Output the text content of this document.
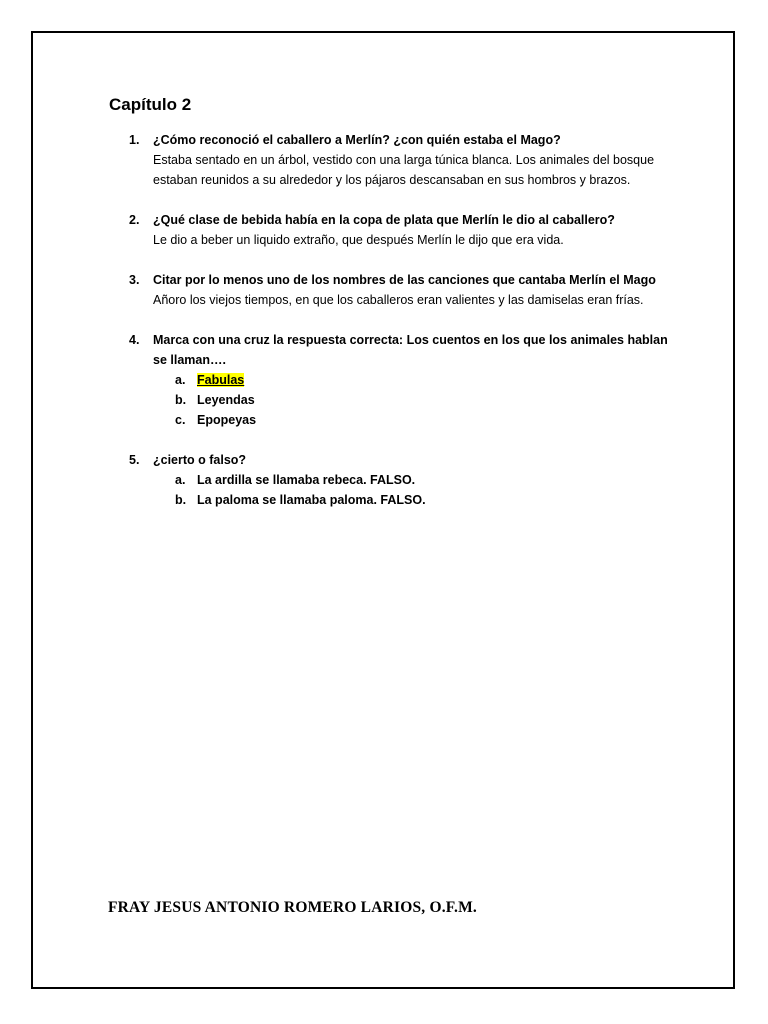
Capítulo 2
1. ¿Cómo reconoció el caballero a Merlín? ¿con quién estaba el Mago?
Estaba sentado en un árbol, vestido con una larga túnica blanca. Los animales del bosque estaban reunidos a su alrededor y los pájaros descansaban en sus hombros y brazos.
2. ¿Qué clase de bebida había en la copa de plata que Merlín le dio al caballero?
Le dio a beber un liquido extraño, que después Merlín le dijo que era vida.
3. Citar por lo menos uno de los nombres de las canciones que cantaba Merlín el Mago
Añoro los viejos tiempos, en que los caballeros eran valientes y las damiselas eran frías.
4. Marca con una cruz la respuesta correcta: Los cuentos en los que los animales hablan se llaman….
a. Fabulas
b. Leyendas
c. Epopeyas
5. ¿cierto o falso?
a. La ardilla se llamaba rebeca. FALSO.
b. La paloma se llamaba paloma. FALSO.
FRAY JESUS ANTONIO ROMERO LARIOS, O.F.M.
